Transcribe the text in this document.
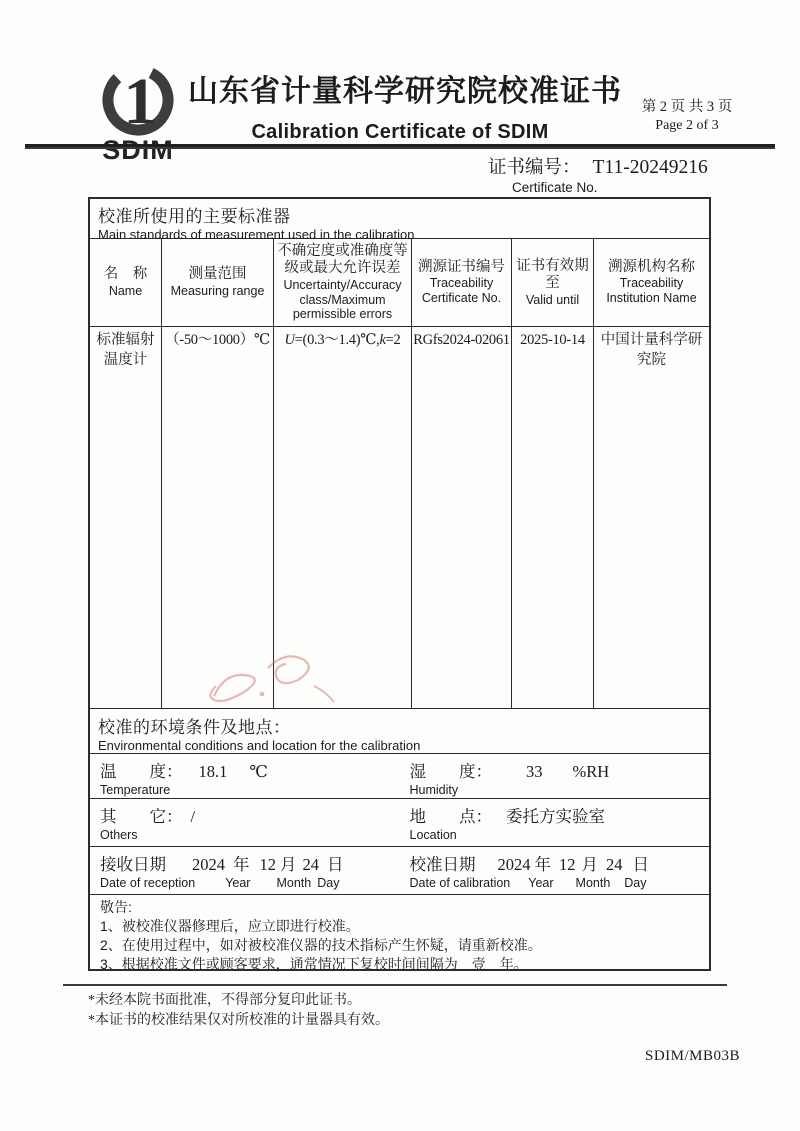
1
SDIM
山东省计量科学研究院校准证书
Calibration Certificate of SDIM
第 2 页 共 3 页
Page 2 of 3
证书编号： T11-20249216
Certificate No.
校准所使用的主要标准器
Main standards of measurement used in the calibration
名　称
Name
测量范围
Measuring range
不确定度或准确度等级或最大允许误差
Uncertainty/Accuracy class/Maximum permissible errors
溯源证书编号
Traceability Certificate No.
证书有效期至
Valid until
溯源机构名称
Traceability Institution Name
标准辐射温度计
（-50～1000）℃	U=(0.3～1.4)℃,k=2 RGfs2024-02061 2025-10-14	中国计量科学研究院
校准的环境条件及地点：
Environmental conditions and location for the calibration
温　　度： 18.1 ℃
Temperature
湿　　度： 33 %RH
Humidity
其　　它： /
Others
地　　点： 委托方实验室
Location
接收日期 2024 年 12 月 24 日
Date of reception Year Month Day
校准日期 2024 年 12 月 24 日
Date of calibration Year Month Day
敬告:
1、被校准仪器修理后，应立即进行校准。
2、在使用过程中，如对被校准仪器的技术指标产生怀疑，请重新校准。
3、根据校准文件或顾客要求，通常情况下复校时间间隔为　壹　年。
*未经本院书面批准，不得部分复印此证书。
*本证书的校准结果仅对所校准的计量器具有效。
SDIM/MB03B
